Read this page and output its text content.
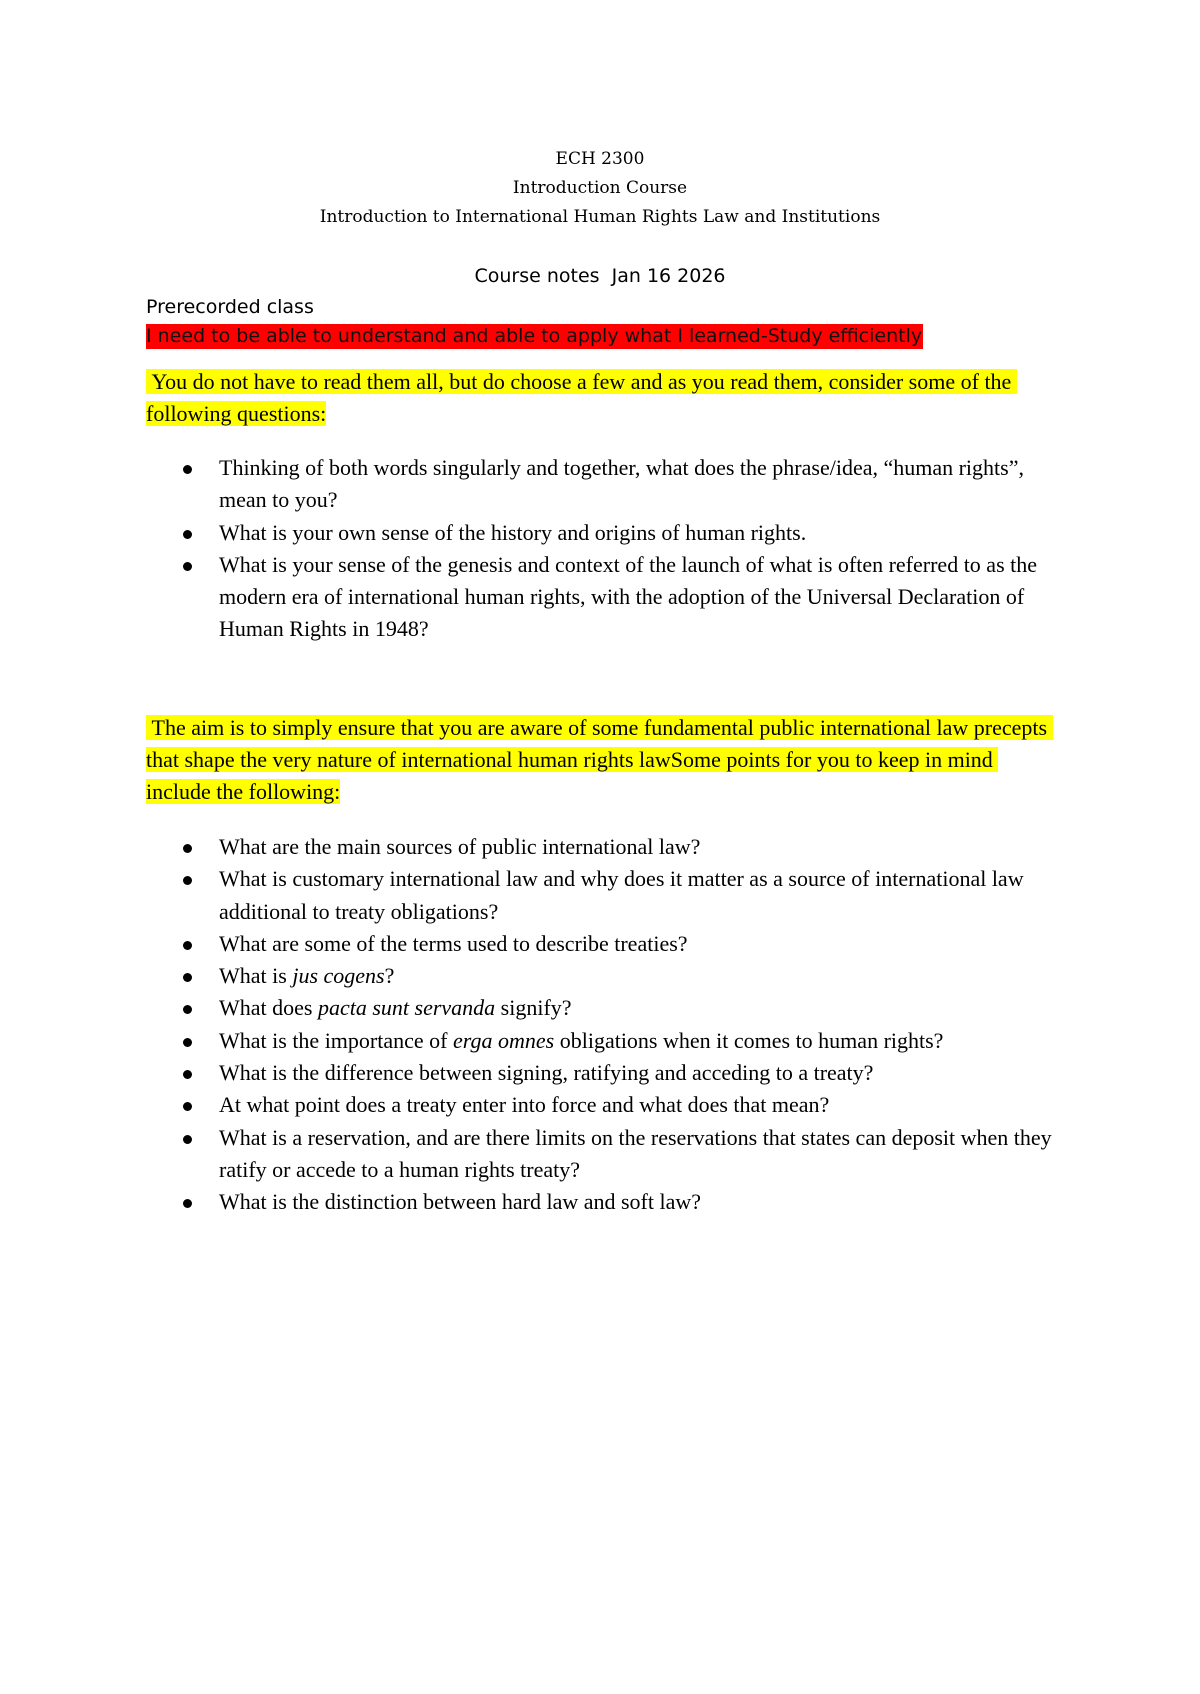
ECH 2300
Introduction Course
Introduction to International Human Rights Law and Institutions
Course notes  Jan 16 2026
Prerecorded class
I need to be able to understand and able to apply what I learned-Study efficiently
You do not have to read them all, but do choose a few and as you read them, consider some of the following questions:
Thinking of both words singularly and together, what does the phrase/idea, “human rights”, mean to you?
What is your own sense of the history and origins of human rights.
What is your sense of the genesis and context of the launch of what is often referred to as the modern era of international human rights, with the adoption of the Universal Declaration of Human Rights in 1948?
The aim is to simply ensure that you are aware of some fundamental public international law precepts that shape the very nature of international human rights lawSome points for you to keep in mind include the following:
What are the main sources of public international law?
What is customary international law and why does it matter as a source of international law additional to treaty obligations?
What are some of the terms used to describe treaties?
What is jus cogens?
What does pacta sunt servanda signify?
What is the importance of erga omnes obligations when it comes to human rights?
What is the difference between signing, ratifying and acceding to a treaty?
At what point does a treaty enter into force and what does that mean?
What is a reservation, and are there limits on the reservations that states can deposit when they ratify or accede to a human rights treaty?
What is the distinction between hard law and soft law?
